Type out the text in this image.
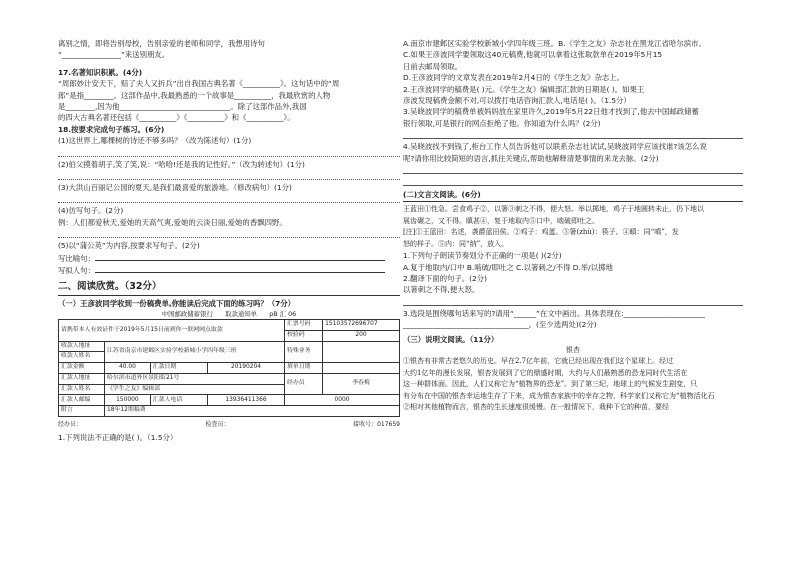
离别之情，即将告别母校，告别亲爱的老师和同学，我想用诗句
“________________”来送别朋友。
17.名著知识积累。(4分)
“周郎妙计安天下，赔了夫人又折兵”出自我国古典名著《__________》。这句话中的“周
郎”是指________。这部作品中,我最熟悉的一个故事是__________，我最欣赏的人物
是________,因为他______________________________。除了这部作品外,我国
的四大古典名著还包括《__________》《__________》和《__________》。
18.按要求完成句子练习。(6分)
(1)这世界上,哪棵树的诗还不够多吗？（改为陈述句）(1分)
(2)伯父摸着胡子,笑了笑,说：“哈哈!还是我的记性好。”（改为转述句）(1分)
(3)大洪山百丽记公园的夏天,是我们最喜爱的旅游地。（修改病句）(1分)
(4)仿写句子。(2分)
例：人们都爱秋天,爱她的天高气爽,爱她的云淡日丽,爱她的香飘四野。
(5)以“蒲公英”为内容,按要求写句子。(2分)
写比喻句：
写拟人句：
二、阅读欣赏。（32分）
（一）王彦波同学收到一份稿费单,你能读后完成下面的练习吗？（7分）
中国邮政储蓄银行 取款通知单 pB 汇 06
请携带本人有效证件于2019年5月15日前到你一联网网点取款				汇票号码	15103572696707
				校验码	200
收款人地址	江苏省南京市建邺区实验学校新城小学四年级三班			特殊业务	
收款人姓名					
汇款金额	40.00	汇款日期	20190204	填单日期	
汇款人地址	哈尔滨市道外区景阳街21号			经办员	李春梅
汇款人姓名	《学生之友》编辑部				
汇款人邮编	150000	汇款人电话	13936411366	0000	
附言	18年12期稿费				
经办员：	检查员：	接收号：017659
1.下列说法不正确的是( )。（1.5分）
A.南京市建邺区实验学校新城小学四年级三班。B.《学生之友》杂志社在黑龙江省哈尔滨市。
C.如果王彦波同学要领取这40元稿费,他就可以拿着这张取款单在2019年5月15
日前去邮局领取。
D.王彦波同学的文章发表在2019年2月4日的《学生之友》杂志上。
2.王彦波同学的稿费是( )元。《学生之友》编辑部汇款的日期是( )。如果王
彦波发现稿费金额不对,可以拨打电话咨询汇款人,电话是( )。（1.5分）
3.吴晓波同学的稿费单被妈妈放在家里许久,2019年5月22日他才找到了,他去中国邮政储蓄
银行领取,可是银行的网点拒绝了他。你知道为什么吗？(2分)
4.吴晓波找不到钱了,柜台工作人员告诉他可以联系杂志社试试,吴晓波同学应该找谁?该怎么说
呢?请你用比较简短的语言,抓住关键点,帮助他解释清楚事情的来龙去脉。(2分)
(二)文言文阅读。(6分)
王蓝田①性急。尝食鸡子②，以箸③刺之不得，便大怒。举以掷地，鸡子于地圆转未止，仍下地以
展齿碾之，又不得。瞋甚④，复于地取内⑤口中，啮破即吐之。
[注]①王蓝田：名述，袭爵蓝田侯。②鸡子：鸡蛋。③箸(zhù)：筷子。④瞋：同“嗔”，发
怒的样子。⑤内：同“纳”，放入。
1.下列句子朗读节奏划分不正确的一项是( )(2分)
A.复于地取内/口中 B.啮破/即吐之 C.以箸刺之/不得 D.举/以掷地
2.翻译下面的句子。(2分)
以箸刺之不得,便大怒。
3.选段是围绕哪句话来写的?请用“______”在文中画出。具体表现在:______________________
__________________________________。(至少选两处)(2分)
（三）说明文阅读。（11分）
银杏
①银杏有非常古老悠久的历史。早在2.7亿年前，它就已经出现在我们这个星球上。经过
大约1亿年的漫长发展，银杏发展到了它的鼎盛时期，大约与人们最熟悉的恐龙同时代生活在
这一种群体面。因此，人们又称它为“植物界的恐龙”。到了第三纪，地球上的气候发生剧变，只
有分布在中国的银杏幸运地生存了下来，成为银杏家族中的幸存之物，科学家们又称它为“植物活化石
②相对其他植物而言，银杏的生长速度很缓慢。在一般情况下，栽种下它的种苗，要经
